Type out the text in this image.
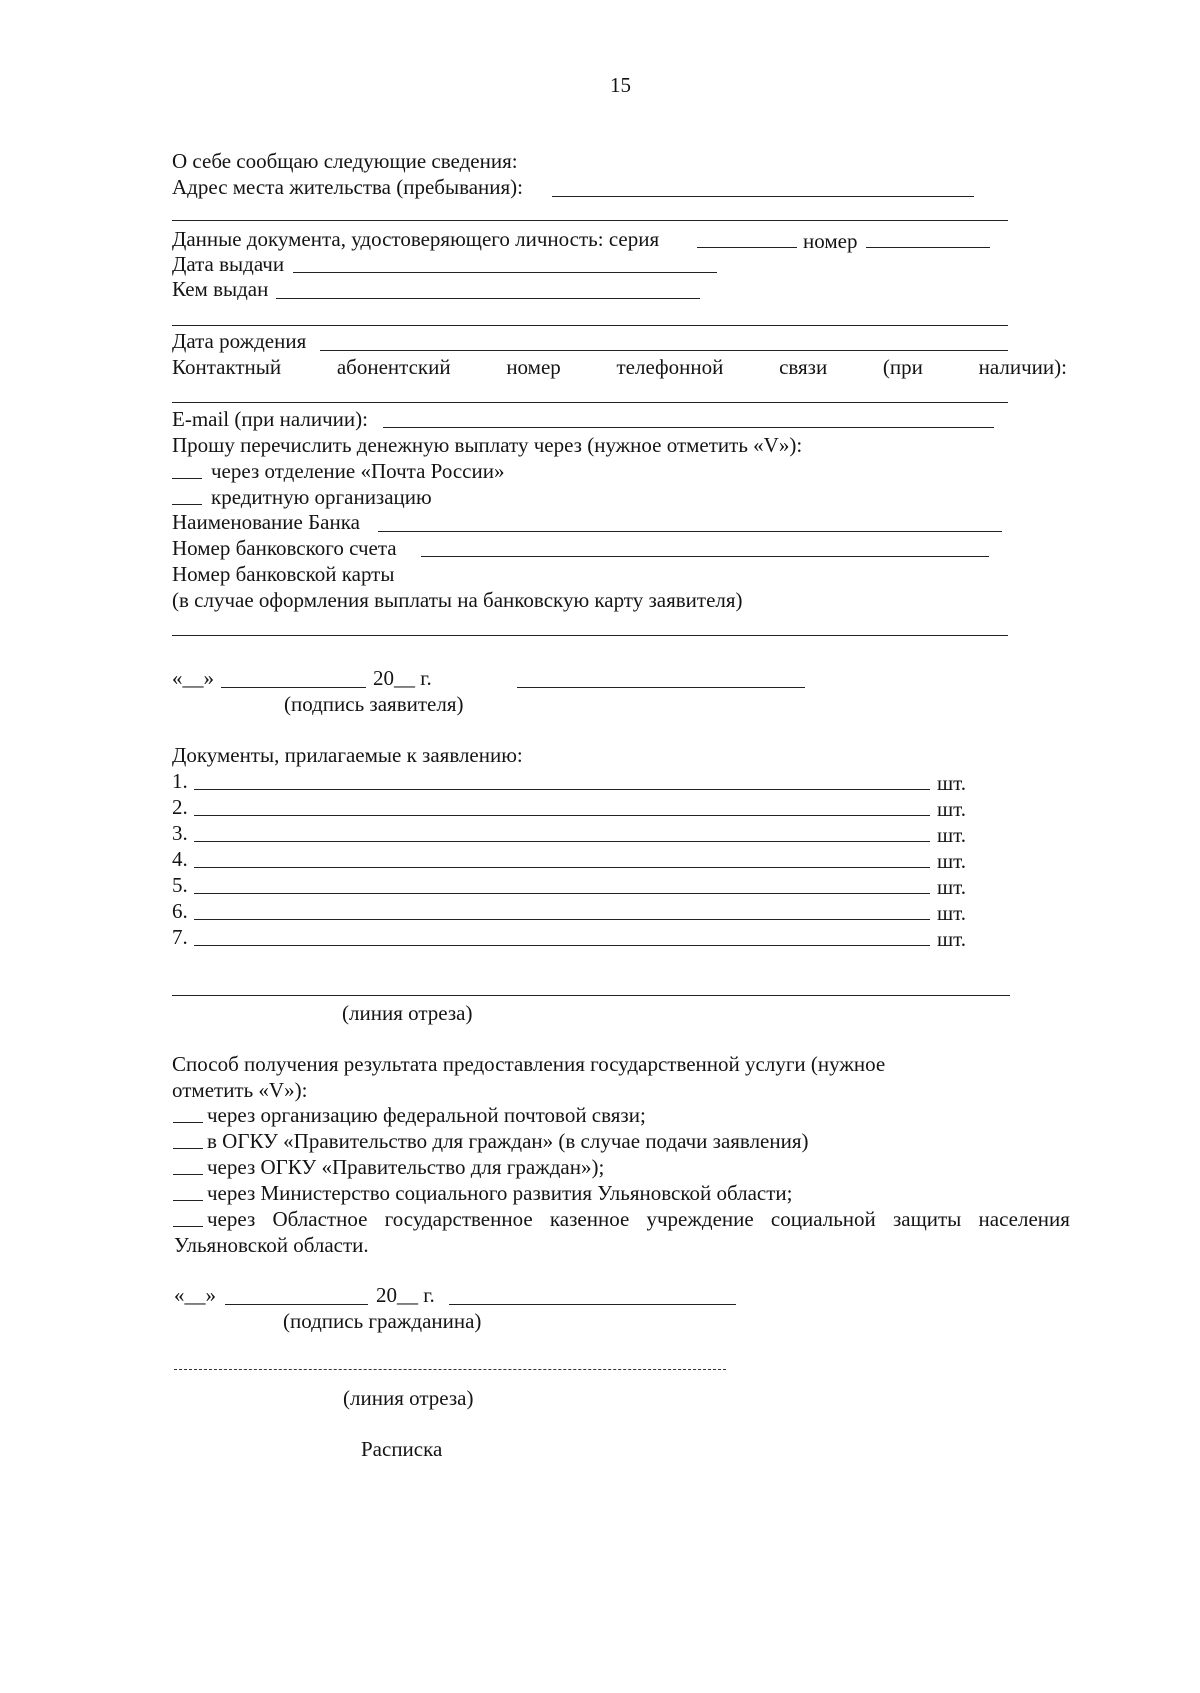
15
О себе сообщаю следующие сведения:
Адрес места жительства (пребывания):
Данные документа, удостоверяющего личность: серия	номер
Дата выдачи
Кем выдан
Дата рождения
Контактный	абонентский	номер	телефонной	связи	(при	наличии):
E-mail (при наличии):
Прошу перечислить денежную выплату через (нужное отметить «V»):
через отделение «Почта России»
кредитную организацию
Наименование Банка
Номер банковского счета
Номер банковской карты
(в случае оформления выплаты на банковскую карту заявителя)
«__»	20__ г.
(подпись заявителя)
Документы, прилагаемые к заявлению:
1.	шт.
2.	шт.
3.	шт.
4.	шт.
5.	шт.
6.	шт.
7.	шт.
(линия отреза)
Способ получения результата предоставления государственной услуги (нужное
отметить «V»):
через организацию федеральной почтовой связи;
в ОГКУ «Правительство для граждан» (в случае подачи заявления)
через ОГКУ «Правительство для граждан»);
через Министерство социального развития Ульяновской области;
через Областное государственное казенное учреждение социальной защиты населения
Ульяновской области.
«__»	20__ г.
(подпись гражданина)
(линия отреза)
Расписка
